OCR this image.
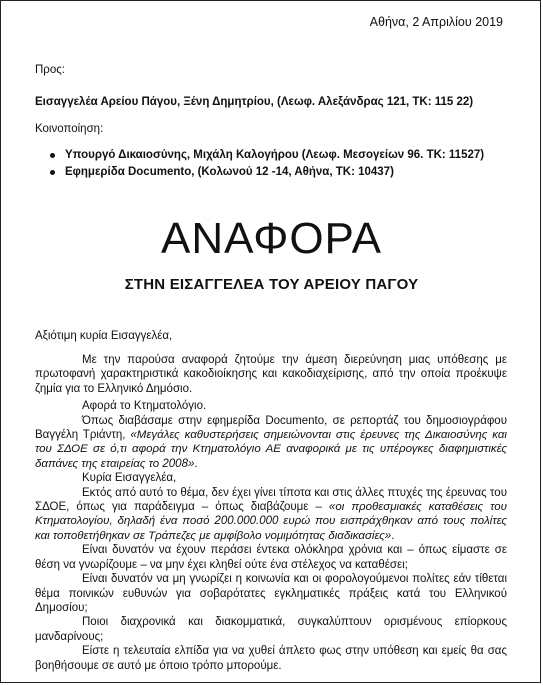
Αθήνα, 2 Απριλίου 2019
Προς:
Εισαγγελέα Αρείου Πάγου, Ξένη Δημητρίου, (Λεωφ. Αλεξάνδρας 121, ΤΚ: 115 22)
Κοινοποίηση:
Υπουργό Δικαιοσύνης, Μιχάλη Καλογήρου (Λεωφ. Μεσογείων 96. ΤΚ: 11527)
Εφημερίδα Documento, (Κολωνού 12 -14, Αθήνα, ΤΚ: 10437)
ΑΝΑΦΟΡΑ
ΣΤΗΝ ΕΙΣΑΓΓΕΛΕΑ ΤΟΥ ΑΡΕΙΟΥ ΠΑΓΟΥ
Αξιότιμη κυρία Εισαγγελέα,

Με την παρούσα αναφορά ζητούμε την άμεση διερεύνηση μιας υπόθεσης με πρωτοφανή χαρακτηριστικά κακοδιοίκησης και κακοδιαχείρισης, από την οποία προέκυψε ζημία για το Ελληνικό Δημόσιο.

Αφορά το Κτηματολόγιο.

Όπως διαβάσαμε στην εφημερίδα Documento, σε ρεπορτάζ του δημοσιογράφου Βαγγέλη Τριάντη, «Μεγάλες καθυστερήσεις σημειώνονται στις έρευνες της Δικαιοσύνης και του ΣΔΟΕ σε ό,τι αφορά την Κτηματολόγιο ΑΕ αναφορικά με τις υπέρογκες διαφημιστικές δαπάνες της εταιρείας το 2008».

Κυρία Εισαγγελέα,

Εκτός από αυτό το θέμα, δεν έχει γίνει τίποτα και στις άλλες πτυχές της έρευνας του ΣΔΟΕ, όπως για παράδειγμα – όπως διαβάζουμε – «οι προθεσμιακές καταθέσεις του Κτηματολογίου, δηλαδή ένα ποσό 200.000.000 ευρώ που εισπράχθηκαν από τους πολίτες και τοποθετήθηκαν σε Τράπεζες με αμφίβολο νομιμότητας διαδικασίες».

Είναι δυνατόν να έχουν περάσει έντεκα ολόκληρα χρόνια και – όπως είμαστε σε θέση να γνωρίζουμε – να μην έχει κληθεί ούτε ένα στέλεχος να καταθέσει;

Είναι δυνατόν να μη γνωρίζει η κοινωνία και οι φορολογούμενοι πολίτες εάν τίθεται θέμα ποινικών ευθυνών για σοβαρότατες εγκληματικές πράξεις κατά του Ελληνικού Δημοσίου;

Ποιοι διαχρονικά και διακομματικά, συγκαλύπτουν ορισμένους επίορκους μανδαρίνους;

Είστε η τελευταία ελπίδα για να χυθεί άπλετο φως στην υπόθεση και εμείς θα σας βοηθήσουμε σε αυτό με όποιο τρόπο μπορούμε.
